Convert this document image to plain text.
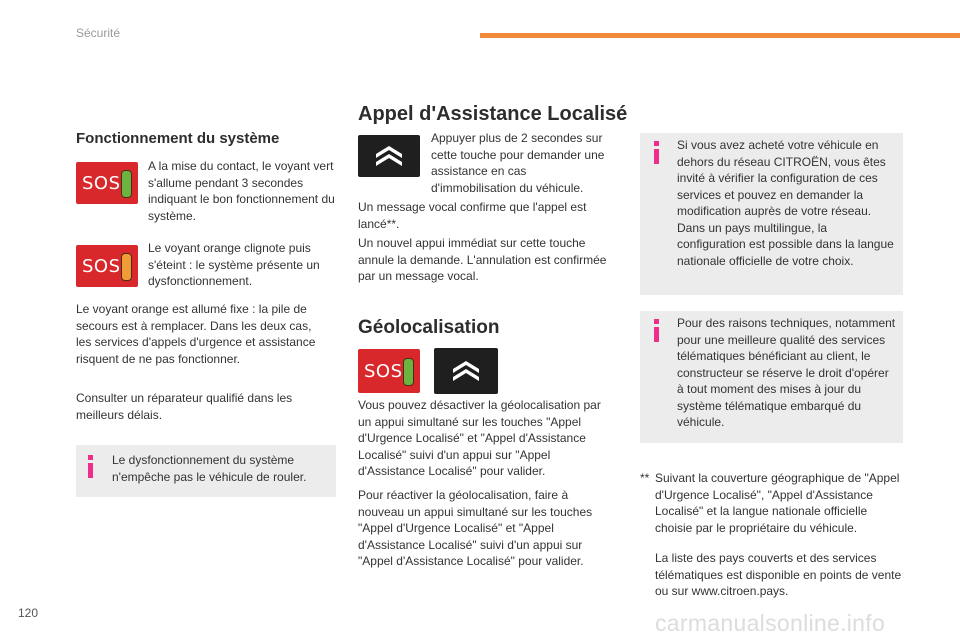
Sécurité
Fonctionnement du système
SOS

A la mise du contact, le voyant vert s'allume pendant 3 secondes indiquant le bon fonctionnement du système.

SOS

Le voyant orange clignote puis s'éteint : le système présente un dysfonctionnement.

Le voyant orange est allumé fixe : la pile de secours est à remplacer. Dans les deux cas, les services d'appels d'urgence et assistance risquent de ne pas fonctionner.

Consulter un réparateur qualifié dans les meilleurs délais.

Le dysfonctionnement du système n'empêche pas le véhicule de rouler.

Appel d'Assistance Localisé

Appuyer plus de 2 secondes sur cette touche pour demander une assistance en cas d'immobilisation du véhicule.

Un message vocal confirme que l'appel est lancé**.

Un nouvel appui immédiat sur cette touche annule la demande. L'annulation est confirmée par un message vocal.

Géolocalisation
SOS

Vous pouvez désactiver la géolocalisation par un appui simultané sur les touches "Appel d'Urgence Localisé" et "Appel d'Assistance Localisé" suivi d'un appui sur "Appel d'Assistance Localisé" pour valider.

Pour réactiver la géolocalisation, faire à nouveau un appui simultané sur les touches "Appel d'Urgence Localisé" et "Appel d'Assistance Localisé" suivi d'un appui sur "Appel d'Assistance Localisé" pour valider.

Si vous avez acheté votre véhicule en dehors du réseau CITROËN, vous êtes invité à vérifier la configuration de ces services et pouvez en demander la modification auprès de votre réseau. Dans un pays multilingue, la configuration est possible dans la langue nationale officielle de votre choix.

Pour des raisons techniques, notamment pour une meilleure qualité des services télématiques bénéficiant au client, le constructeur se réserve le droit d'opérer à tout moment des mises à jour du système télématique embarqué du véhicule.

** Suivant la couverture géographique de "Appel d'Urgence Localisé", "Appel d'Assistance Localisé" et la langue nationale officielle choisie par le propriétaire du véhicule.

La liste des pays couverts et des services télématiques est disponible en points de vente ou sur www.citroen.pays.

120	carmanualsonline.info
